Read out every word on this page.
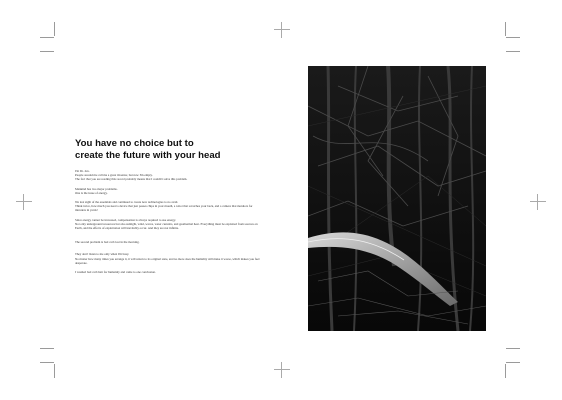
You have no choice but to
create the future with your head
I'm Dr. Jon.
People around me call me a great inventor, but now I'm empty.
The fact that you are reading this record probably means that I couldn't solve this problem.
Mankind has two major problems.
One is the issue of energy.
We lost sight of the essentials and continued to create new technologies to no avail.
Think twice, how much you need a device that just passes chips in your mouth, a robot that scratches your back, and a camera that monitors for intruders in yards!
Since energy cannot be increased, compensation is always required to use energy.
Not only underground resources but also sunlight, wind, waves, water currents, and geothermal heat. Everything must be exploited from sources on Earth, and the effects of exploitation will inevitably occur. And they are not infinite.
The second problem is bad carb lost in the morning.
They don't listen to me only when I'm busy.
No matter how many times you arrange it, it will return to its original state, and no more does the humidity still make it worse, which makes you feel desperate.
I washed bad carb hair for humanity and came to one conclusion.
